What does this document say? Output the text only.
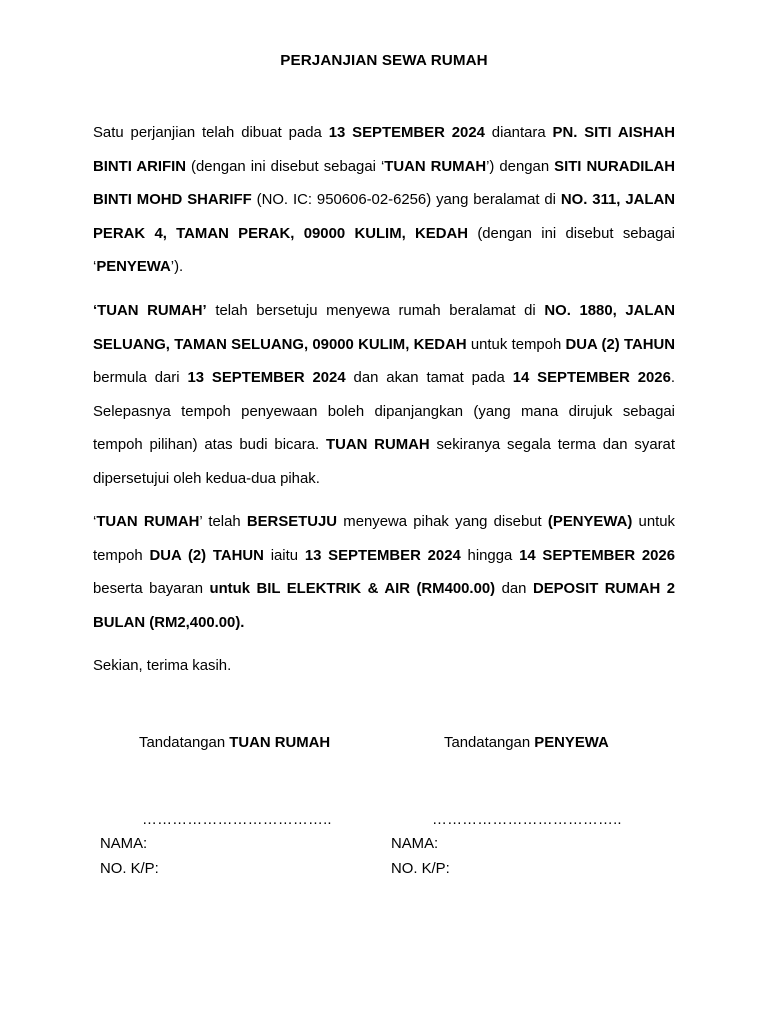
PERJANJIAN SEWA RUMAH

Satu perjanjian telah dibuat pada 13 SEPTEMBER 2024 diantara PN. SITI AISHAH BINTI ARIFIN (dengan ini disebut sebagai ‘TUAN RUMAH’) dengan SITI NURADILAH BINTI MOHD SHARIFF (NO. IC: 950606-02-6256) yang beralamat di NO. 311, JALAN PERAK 4, TAMAN PERAK, 09000 KULIM, KEDAH (dengan ini disebut sebagai ‘PENYEWA’).

‘TUAN RUMAH’ telah bersetuju menyewa rumah beralamat di NO. 1880, JALAN SELUANG, TAMAN SELUANG, 09000 KULIM, KEDAH untuk tempoh DUA (2) TAHUN bermula dari 13 SEPTEMBER 2024 dan akan tamat pada 14 SEPTEMBER 2026. Selepasnya tempoh penyewaan boleh dipanjangkan (yang mana dirujuk sebagai tempoh pilihan) atas budi bicara. TUAN RUMAH sekiranya segala terma dan syarat dipersetujui oleh kedua-dua pihak.

‘TUAN RUMAH’ telah BERSETUJU menyewa pihak yang disebut (PENYEWA) untuk tempoh DUA (2) TAHUN iaitu 13 SEPTEMBER 2024 hingga 14 SEPTEMBER 2026 beserta bayaran untuk BIL ELEKTRIK & AIR (RM400.00) dan DEPOSIT RUMAH 2 BULAN (RM2,400.00).

Sekian, terima kasih.

Tandatangan TUAN RUMAH	Tandatangan PENYEWA
………………………………..	………………………………..
NAMA:
NO. K/P:
NAMA:
NO. K/P:
